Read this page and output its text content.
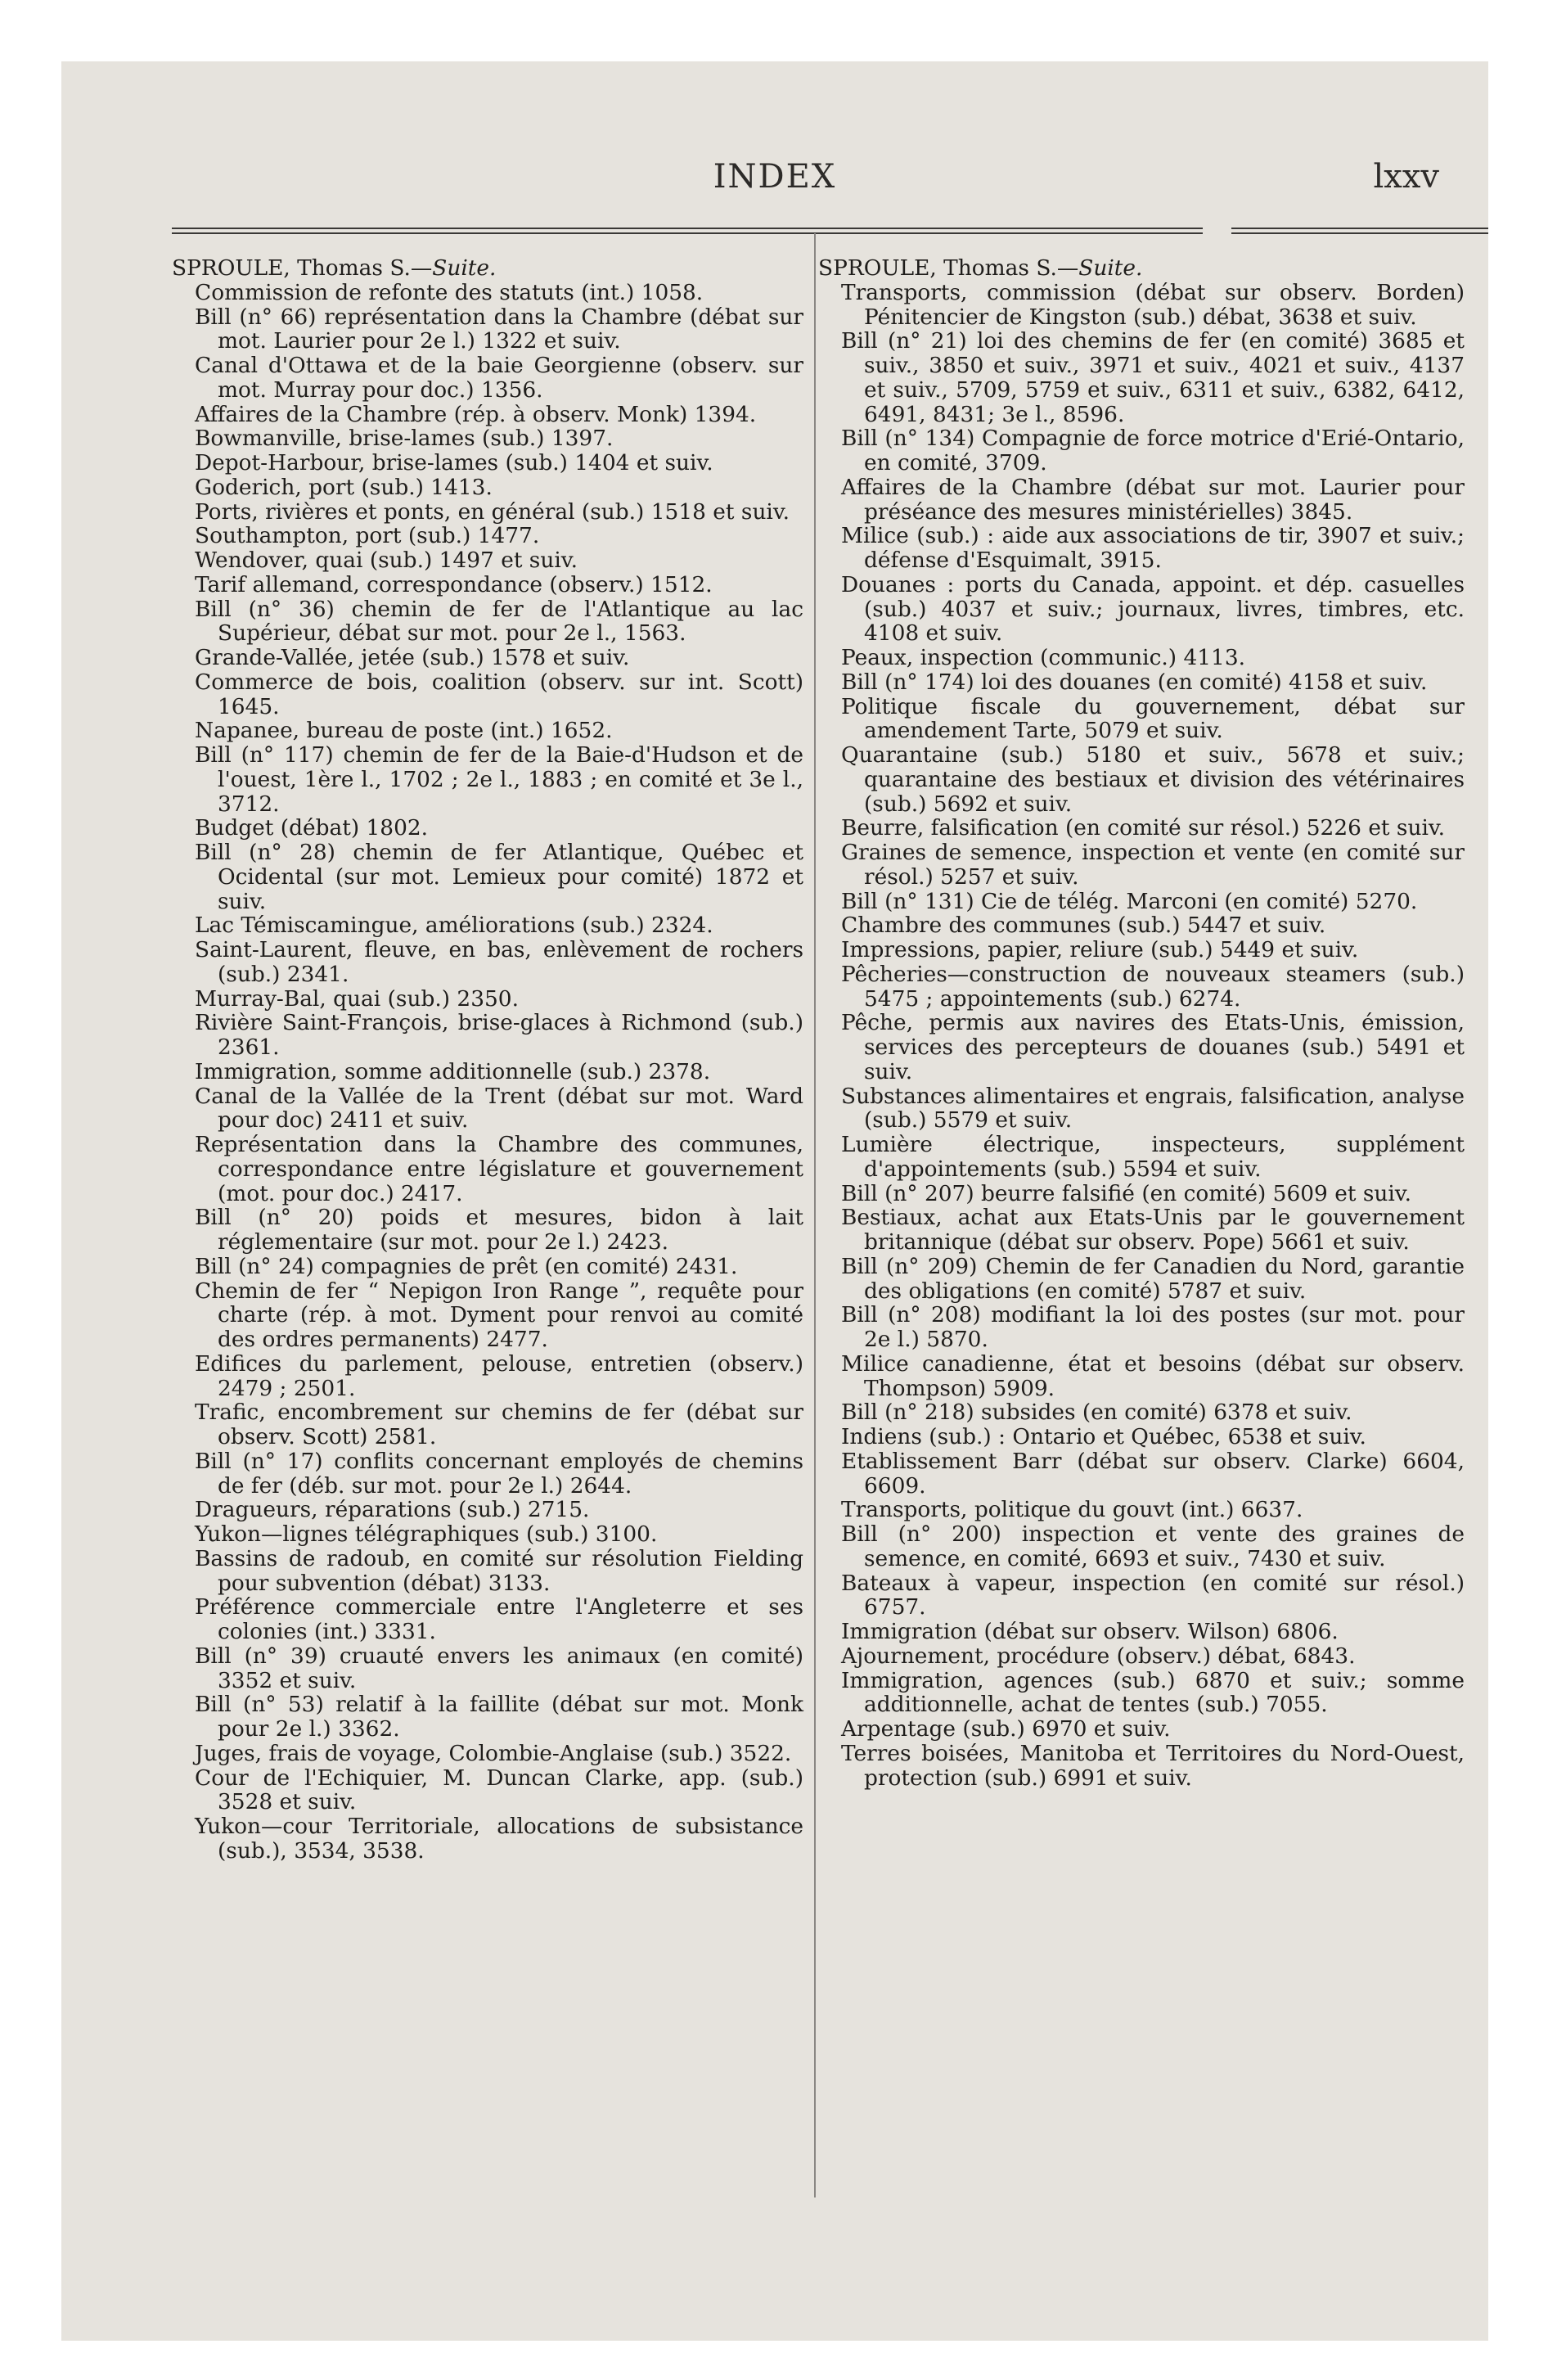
INDEX	lxxv
SPROULE, Thomas S.—Suite.

Commission de refonte des statuts (int.) 1058.

Bill (n° 66) représentation dans la Chambre (débat sur mot. Laurier pour 2e l.) 1322 et suiv.

Canal d'Ottawa et de la baie Georgienne (observ. sur mot. Murray pour doc.) 1356.

Affaires de la Chambre (rép. à observ. Monk) 1394.

Bowmanville, brise-lames (sub.) 1397.

Depot-Harbour, brise-lames (sub.) 1404 et suiv.

Goderich, port (sub.) 1413.

Ports, rivières et ponts, en général (sub.) 1518 et suiv.

Southampton, port (sub.) 1477.

Wendover, quai (sub.) 1497 et suiv.

Tarif allemand, correspondance (observ.) 1512.

Bill (n° 36) chemin de fer de l'Atlantique au lac Supérieur, débat sur mot. pour 2e l., 1563.

Grande-Vallée, jetée (sub.) 1578 et suiv.

Commerce de bois, coalition (observ. sur int. Scott) 1645.

Napanee, bureau de poste (int.) 1652.

Bill (n° 117) chemin de fer de la Baie-d'Hudson et de l'ouest, 1ère l., 1702 ; 2e l., 1883 ; en comité et 3e l., 3712.

Budget (débat) 1802.

Bill (n° 28) chemin de fer Atlantique, Québec et Ocidental (sur mot. Lemieux pour comité) 1872 et suiv.

Lac Témiscamingue, améliorations (sub.) 2324.

Saint-Laurent, fleuve, en bas, enlèvement de rochers (sub.) 2341.

Murray-Bal, quai (sub.) 2350.

Rivière Saint-François, brise-glaces à Richmond (sub.) 2361.

Immigration, somme additionnelle (sub.) 2378.

Canal de la Vallée de la Trent (débat sur mot. Ward pour doc) 2411 et suiv.

Représentation dans la Chambre des communes, correspondance entre législature et gouvernement (mot. pour doc.) 2417.

Bill (n° 20) poids et mesures, bidon à lait réglementaire (sur mot. pour 2e l.) 2423.

Bill (n° 24) compagnies de prêt (en comité) 2431.

Chemin de fer “ Nepigon Iron Range ”, requête pour charte (rép. à mot. Dyment pour renvoi au comité des ordres permanents) 2477.

Edifices du parlement, pelouse, entretien (observ.) 2479 ; 2501.

Trafic, encombrement sur chemins de fer (débat sur observ. Scott) 2581.

Bill (n° 17) conflits concernant employés de chemins de fer (déb. sur mot. pour 2e l.) 2644.

Dragueurs, réparations (sub.) 2715.

Yukon—lignes télégraphiques (sub.) 3100.

Bassins de radoub, en comité sur résolution Fielding pour subvention (débat) 3133.

Préférence commerciale entre l'Angleterre et ses colonies (int.) 3331.

Bill (n° 39) cruauté envers les animaux (en comité) 3352 et suiv.

Bill (n° 53) relatif à la faillite (débat sur mot. Monk pour 2e l.) 3362.

Juges, frais de voyage, Colombie-Anglaise (sub.) 3522.

Cour de l'Echiquier, M. Duncan Clarke, app. (sub.) 3528 et suiv.

Yukon—cour Territoriale, allocations de subsistance (sub.), 3534, 3538.

SPROULE, Thomas S.—Suite.

Transports, commission (débat sur observ. Borden) Pénitencier de Kingston (sub.) débat, 3638 et suiv.

Bill (n° 21) loi des chemins de fer (en comité) 3685 et suiv., 3850 et suiv., 3971 et suiv., 4021 et suiv., 4137 et suiv., 5709, 5759 et suiv., 6311 et suiv., 6382, 6412, 6491, 8431; 3e l., 8596.

Bill (n° 134) Compagnie de force motrice d'Erié-Ontario, en comité, 3709.

Affaires de la Chambre (débat sur mot. Laurier pour préséance des mesures ministérielles) 3845.

Milice (sub.) : aide aux associations de tir, 3907 et suiv.; défense d'Esquimalt, 3915.

Douanes : ports du Canada, appoint. et dép. casuelles (sub.) 4037 et suiv.; journaux, livres, timbres, etc. 4108 et suiv.

Peaux, inspection (communic.) 4113.

Bill (n° 174) loi des douanes (en comité) 4158 et suiv.

Politique fiscale du gouvernement, débat sur amendement Tarte, 5079 et suiv.

Quarantaine (sub.) 5180 et suiv., 5678 et suiv.; quarantaine des bestiaux et division des vétérinaires (sub.) 5692 et suiv.

Beurre, falsification (en comité sur résol.) 5226 et suiv.

Graines de semence, inspection et vente (en comité sur résol.) 5257 et suiv.

Bill (n° 131) Cie de télég. Marconi (en comité) 5270.

Chambre des communes (sub.) 5447 et suiv.

Impressions, papier, reliure (sub.) 5449 et suiv.

Pêcheries—construction de nouveaux steamers (sub.) 5475 ; appointements (sub.) 6274.

Pêche, permis aux navires des Etats-Unis, émission, services des percepteurs de douanes (sub.) 5491 et suiv.

Substances alimentaires et engrais, falsification, analyse (sub.) 5579 et suiv.

Lumière électrique, inspecteurs, supplément d'appointements (sub.) 5594 et suiv.

Bill (n° 207) beurre falsifié (en comité) 5609 et suiv.

Bestiaux, achat aux Etats-Unis par le gouvernement britannique (débat sur observ. Pope) 5661 et suiv.

Bill (n° 209) Chemin de fer Canadien du Nord, garantie des obligations (en comité) 5787 et suiv.

Bill (n° 208) modifiant la loi des postes (sur mot. pour 2e l.) 5870.

Milice canadienne, état et besoins (débat sur observ. Thompson) 5909.

Bill (n° 218) subsides (en comité) 6378 et suiv.

Indiens (sub.) : Ontario et Québec, 6538 et suiv.

Etablissement Barr (débat sur observ. Clarke) 6604, 6609.

Transports, politique du gouvt (int.) 6637.

Bill (n° 200) inspection et vente des graines de semence, en comité, 6693 et suiv., 7430 et suiv.

Bateaux à vapeur, inspection (en comité sur résol.) 6757.

Immigration (débat sur observ. Wilson) 6806.

Ajournement, procédure (observ.) débat, 6843.

Immigration, agences (sub.) 6870 et suiv.; somme additionnelle, achat de tentes (sub.) 7055.

Arpentage (sub.) 6970 et suiv.

Terres boisées, Manitoba et Territoires du Nord-Ouest, protection (sub.) 6991 et suiv.
